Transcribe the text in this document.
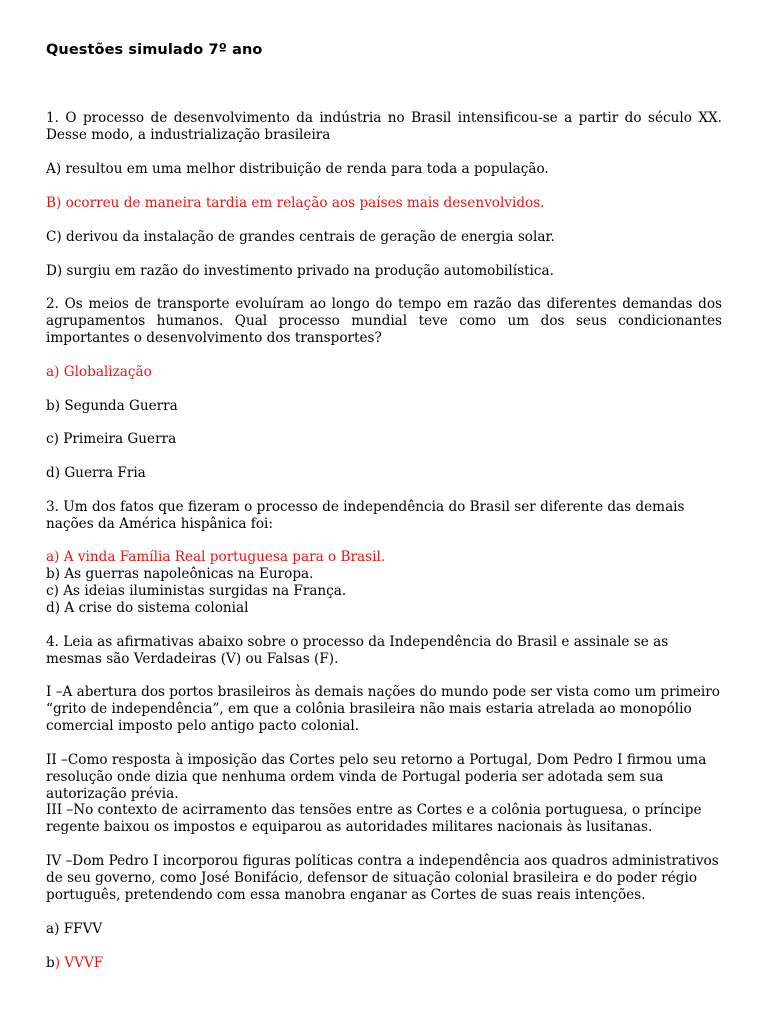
Questões simulado 7º ano

1. O processo de desenvolvimento da indústria no Brasil intensificou-se a partir do século XX. Desse modo, a industrialização brasileira

A) resultou em uma melhor distribuição de renda para toda a população.

B) ocorreu de maneira tardia em relação aos países mais desenvolvidos.

C) derivou da instalação de grandes centrais de geração de energia solar.

D) surgiu em razão do investimento privado na produção automobilística.

2. Os meios de transporte evoluíram ao longo do tempo em razão das diferentes demandas dos agrupamentos humanos. Qual processo mundial teve como um dos seus condicionantes importantes o desenvolvimento dos transportes?

a) Globalização

b) Segunda Guerra

c) Primeira Guerra

d) Guerra Fria

3. Um dos fatos que fizeram o processo de independência do Brasil ser diferente das demais nações da América hispânica foi:

a) A vinda Família Real portuguesa para o Brasil.
b) As guerras napoleônicas na Europa.
c) As ideias iluministas surgidas na França.
d) A crise do sistema colonial

4. Leia as afirmativas abaixo sobre o processo da Independência do Brasil e assinale se as mesmas são Verdadeiras (V) ou Falsas (F).

I –A abertura dos portos brasileiros às demais nações do mundo pode ser vista como um primeiro “grito de independência”, em que a colônia brasileira não mais estaria atrelada ao monopólio comercial imposto pelo antigo pacto colonial.

II –Como resposta à imposição das Cortes pelo seu retorno a Portugal, Dom Pedro I firmou uma resolução onde dizia que nenhuma ordem vinda de Portugal poderia ser adotada sem sua autorização prévia.

III –No contexto de acirramento das tensões entre as Cortes e a colônia portuguesa, o príncipe regente baixou os impostos e equiparou as autoridades militares nacionais às lusitanas.

IV –Dom Pedro I incorporou figuras políticas contra a independência aos quadros administrativos de seu governo, como José Bonifácio, defensor de situação colonial brasileira e do poder régio português, pretendendo com essa manobra enganar as Cortes de suas reais intenções.

a) FFVV

b) VVVF
